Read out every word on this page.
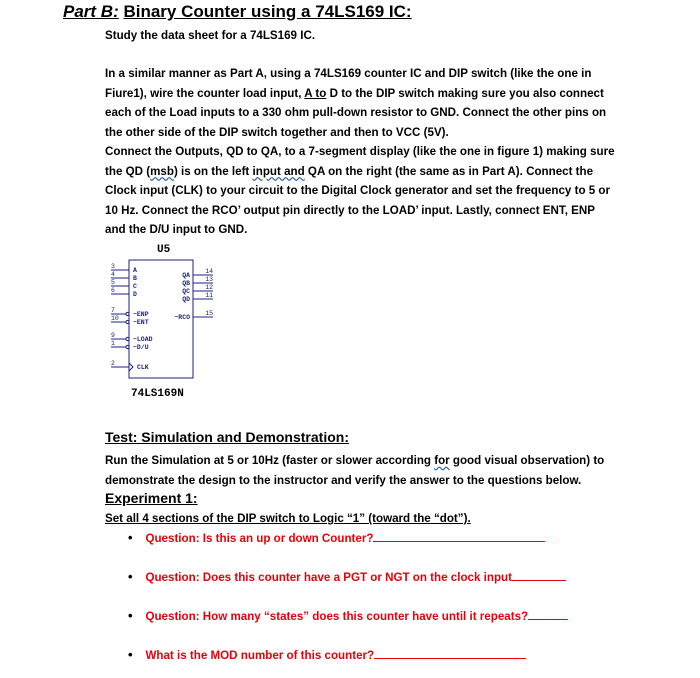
Part B: Binary Counter using a 74LS169 IC:
Study the data sheet for a 74LS169 IC.
In a similar manner as Part A, using a 74LS169 counter IC and DIP switch (like the one in
Fiure1), wire the counter load input, A to D to the DIP switch making sure you also connect
each of the Load inputs to a 330 ohm pull-down resistor to GND. Connect the other pins on
the other side of the DIP switch together and then to VCC (5V).
Connect the Outputs, QD to QA, to a 7-segment display (like the one in figure 1) making sure
the QD (msb) is on the left input and QA on the right (the same as in Part A). Connect the
Clock input (CLK) to your circuit to the Digital Clock generator and set the frequency to 5 or
10 Hz. Connect the RCO’ output pin directly to the LOAD’ input. Lastly, connect ENT, ENP
and the D/U input to GND.
U5
3
4
5
6
7
10
9
1
2
A
B
C
D
~ENP
~ENT
~LOAD
~D/U
CLK
QA
QB
QC
QD
~RCO
14
13
12
11
15
74LS169N
Test: Simulation and Demonstration:
Run the Simulation at 5 or 10Hz (faster or slower according for good visual observation) to
demonstrate the design to the instructor and verify the answer to the questions below.
Experiment 1:
Set all 4 sections of the DIP switch to Logic “1” (toward the “dot”).
• Question: Is this an up or down Counter?
• Question: Does this counter have a PGT or NGT on the clock input
• Question: How many “states” does this counter have until it repeats?
• What is the MOD number of this counter?
